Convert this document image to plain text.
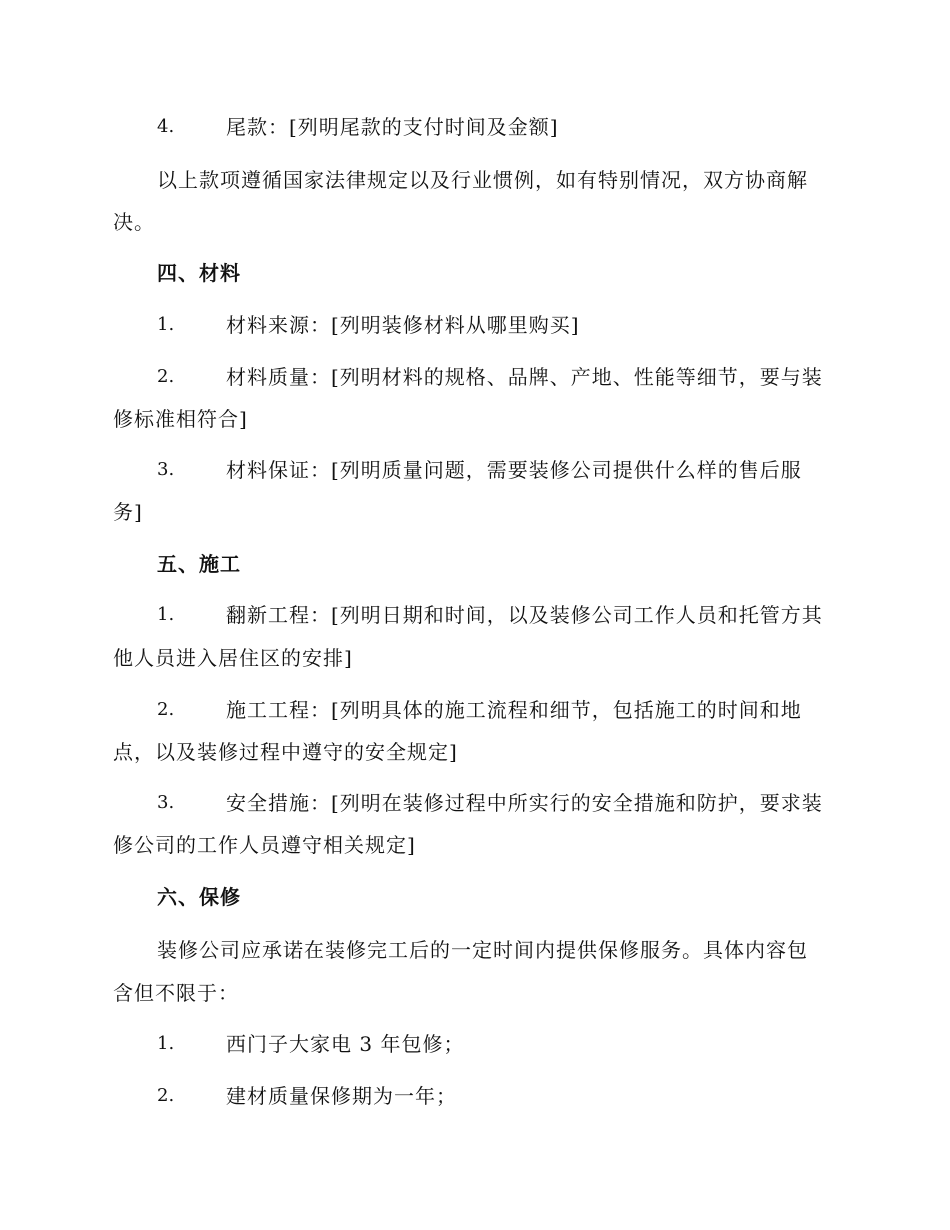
4.	尾款：[列明尾款的支付时间及金额]
以上款项遵循国家法律规定以及行业惯例，如有特别情况，双方协商解
决。
四、材料
1.	材料来源：[列明装修材料从哪里购买]
2.	材料质量：[列明材料的规格、品牌、产地、性能等细节，要与装
修标准相符合]
3.	材料保证：[列明质量问题，需要装修公司提供什么样的售后服
务]
五、施工
1.	翻新工程：[列明日期和时间，以及装修公司工作人员和托管方其
他人员进入居住区的安排]
2.	施工工程：[列明具体的施工流程和细节，包括施工的时间和地
点，以及装修过程中遵守的安全规定]
3.	安全措施：[列明在装修过程中所实行的安全措施和防护，要求装
修公司的工作人员遵守相关规定]
六、保修
装修公司应承诺在装修完工后的一定时间内提供保修服务。具体内容包
含但不限于：
1.	西门子大家电 3 年包修；
2.	建材质量保修期为一年；
